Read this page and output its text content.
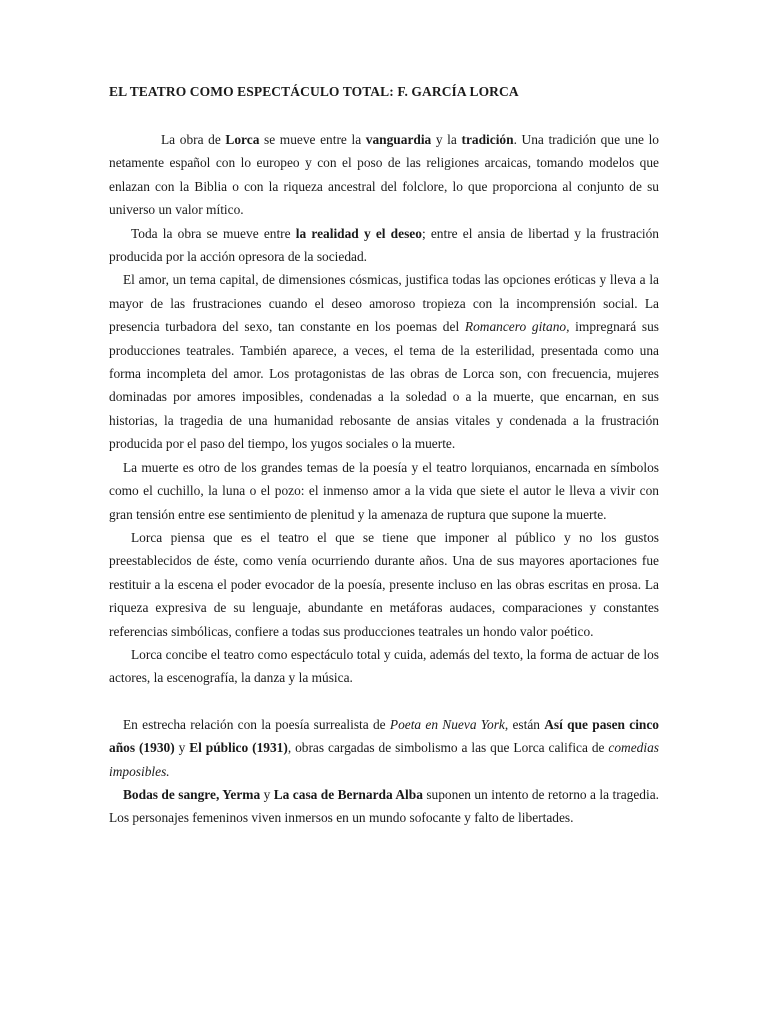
EL TEATRO COMO ESPECTÁCULO TOTAL: F. GARCÍA LORCA

La obra de Lorca se mueve entre la vanguardia y la tradición. Una tradición que une lo netamente español con lo europeo y con el poso de las religiones arcaicas, tomando modelos que enlazan con la Biblia o con la riqueza ancestral del folclore, lo que proporciona al conjunto de su universo un valor mítico.

Toda la obra se mueve entre la realidad y el deseo; entre el ansia de libertad y la frustración producida por la acción opresora de la sociedad.

El amor, un tema capital, de dimensiones cósmicas, justifica todas las opciones eróticas y lleva a la mayor de las frustraciones cuando el deseo amoroso tropieza con la incomprensión social. La presencia turbadora del sexo, tan constante en los poemas del Romancero gitano, impregnará sus producciones teatrales. También aparece, a veces, el tema de la esterilidad, presentada como una forma incompleta del amor. Los protagonistas de las obras de Lorca son, con frecuencia, mujeres dominadas por amores imposibles, condenadas a la soledad o a la muerte, que encarnan, en sus historias, la tragedia de una humanidad rebosante de ansias vitales y condenada a la frustración producida por el paso del tiempo, los yugos sociales o la muerte.

La muerte es otro de los grandes temas de la poesía y el teatro lorquianos, encarnada en símbolos como el cuchillo, la luna o el pozo: el inmenso amor a la vida que siete el autor le lleva a vivir con gran tensión entre ese sentimiento de plenitud y la amenaza de ruptura que supone la muerte.

Lorca piensa que es el teatro el que se tiene que imponer al público y no los gustos preestablecidos de éste, como venía ocurriendo durante años. Una de sus mayores aportaciones fue restituir a la escena el poder evocador de la poesía, presente incluso en las obras escritas en prosa. La riqueza expresiva de su lenguaje, abundante en metáforas audaces, comparaciones y constantes referencias simbólicas, confiere a todas sus producciones teatrales un hondo valor poético.

Lorca concibe el teatro como espectáculo total y cuida, además del texto, la forma de actuar de los actores, la escenografía, la danza y la música.

En estrecha relación con la poesía surrealista de Poeta en Nueva York, están Así que pasen cinco años (1930) y El público (1931), obras cargadas de simbolismo a las que Lorca califica de comedias imposibles.

Bodas de sangre, Yerma y La casa de Bernarda Alba suponen un intento de retorno a la tragedia. Los personajes femeninos viven inmersos en un mundo sofocante y falto de libertades.
